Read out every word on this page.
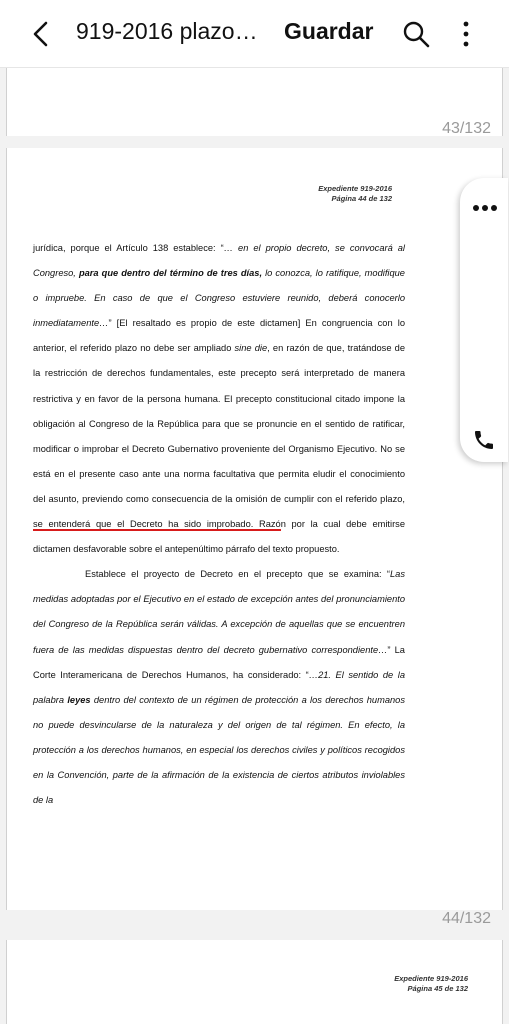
919-2016 plazo… Guardar
43/132
Expediente 919-2016
Página 44 de 132

jurídica, porque el Artículo 138 establece: “… en el propio decreto, se convocará al Congreso, para que dentro del término de tres días, lo conozca, lo ratifique, modifique o impruebe. En caso de que el Congreso estuviere reunido, deberá conocerlo inmediatamente…” [El resaltado es propio de este dictamen] En congruencia con lo anterior, el referido plazo no debe ser ampliado sine die, en razón de que, tratándose de la restricción de derechos fundamentales, este precepto será interpretado de manera restrictiva y en favor de la persona humana. El precepto constitucional citado impone la obligación al Congreso de la República para que se pronuncie en el sentido de ratificar, modificar o improbar el Decreto Gubernativo proveniente del Organismo Ejecutivo. No se está en el presente caso ante una norma facultativa que permita eludir el conocimiento del asunto, previendo como consecuencia de la omisión de cumplir con el referido plazo, se entenderá que el Decreto ha sido improbado. Razón por la cual debe emitirse dictamen desfavorable sobre el antepenúltimo párrafo del texto propuesto.

Establece el proyecto de Decreto en el precepto que se examina: “Las medidas adoptadas por el Ejecutivo en el estado de excepción antes del pronunciamiento del Congreso de la República serán válidas. A excepción de aquellas que se encuentren fuera de las medidas dispuestas dentro del decreto gubernativo correspondiente…” La Corte Interamericana de Derechos Humanos, ha considerado: “…21. El sentido de la palabra leyes dentro del contexto de un régimen de protección a los derechos humanos no puede desvincularse de la naturaleza y del origen de tal régimen. En efecto, la protección a los derechos humanos, en especial los derechos civiles y políticos recogidos en la Convención, parte de la afirmación de la existencia de ciertos atributos inviolables de la

44/132
Expediente 919-2016
Página 45 de 132
